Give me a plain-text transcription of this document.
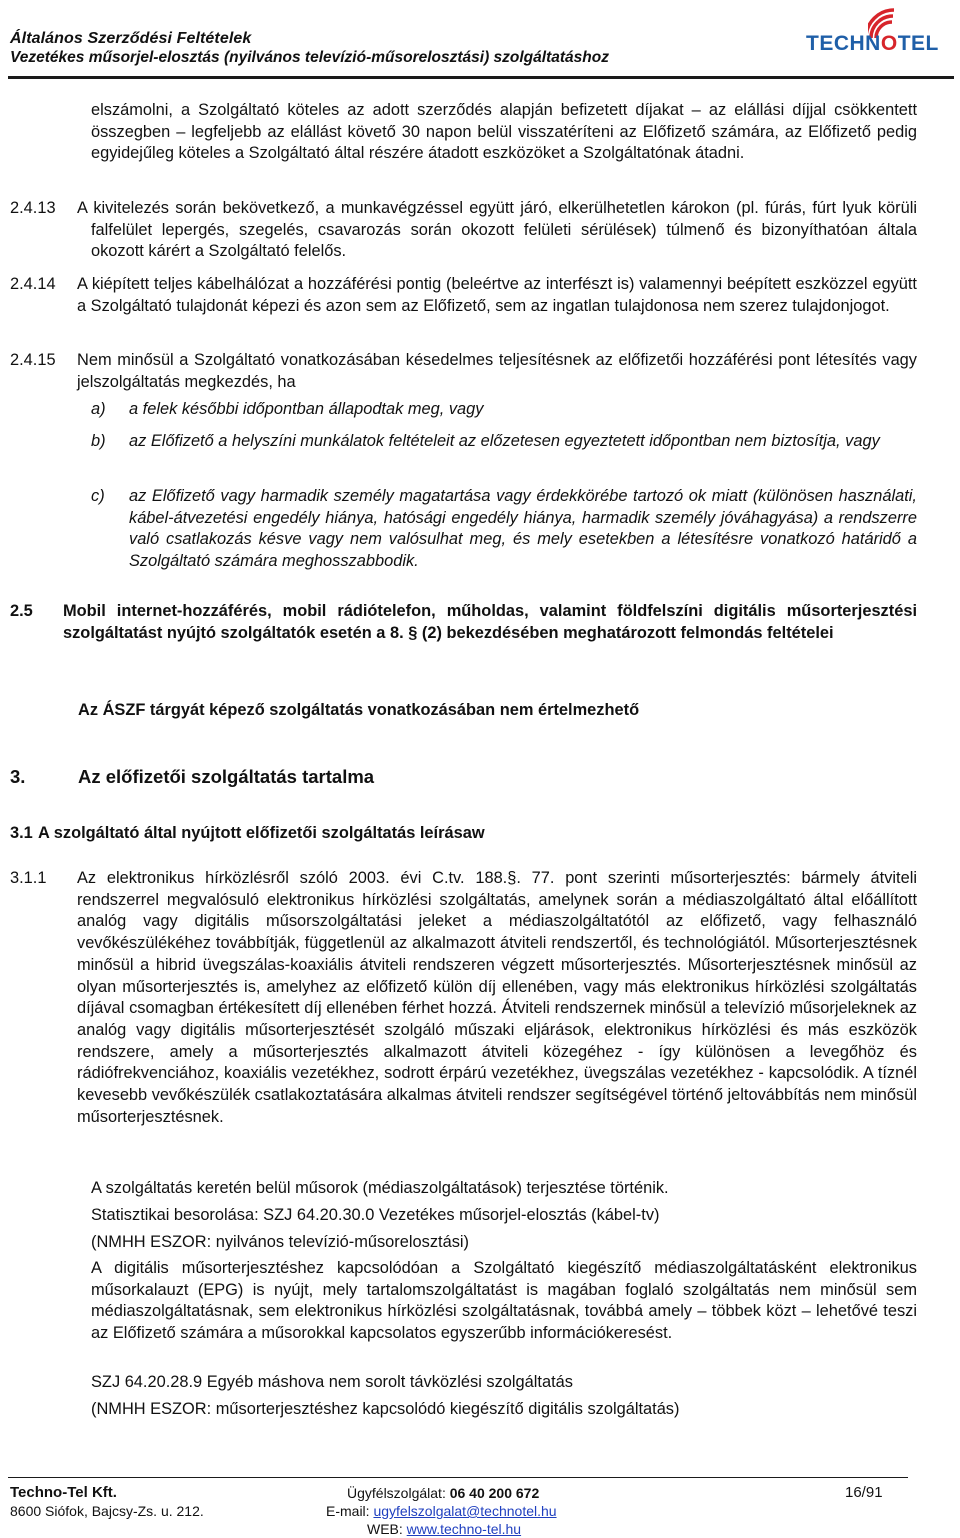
Általános Szerződési Feltételek
Vezetékes műsorjel-elosztás (nyilvános televízió-műsorelosztási) szolgáltatáshoz
TECHNOTEL
elszámolni, a Szolgáltató köteles az adott szerződés alapján befizetett díjakat – az elállási díjjal csökkentett összegben – legfeljebb az elállást követő 30 napon belül visszatéríteni az Előfizető számára, az Előfizető pedig egyidejűleg köteles a Szolgáltató által részére átadott eszközöket a Szolgáltatónak átadni.
2.4.13 A kivitelezés során bekövetkező, a munkavégzéssel együtt járó, elkerülhetetlen károkon (pl. fúrás, fúrt lyuk körüli falfelület lepergés, szegelés, csavarozás során okozott felületi sérülések) túlmenő és bizonyíthatóan általa okozott kárért a Szolgáltató felelős.
2.4.14 A kiépített teljes kábelhálózat a hozzáférési pontig (beleértve az interfészt is) valamennyi beépített eszközzel együtt a Szolgáltató tulajdonát képezi és azon sem az Előfizető, sem az ingatlan tulajdonosa nem szerez tulajdonjogot.
2.4.15 Nem minősül a Szolgáltató vonatkozásában késedelmes teljesítésnek az előfizetői hozzáférési pont létesítés vagy jelszolgáltatás megkezdés, ha
a) a felek későbbi időpontban állapodtak meg, vagy
b) az Előfizető a helyszíni munkálatok feltételeit az előzetesen egyeztetett időpontban nem biztosítja, vagy
c) az Előfizető vagy harmadik személy magatartása vagy érdekkörébe tartozó ok miatt (különösen használati, kábel-átvezetési engedély hiánya, hatósági engedély hiánya, harmadik személy jóváhagyása) a rendszerre való csatlakozás késve vagy nem valósulhat meg, és mely esetekben a létesítésre vonatkozó határidő a Szolgáltató számára meghosszabbodik.
2.5 Mobil internet-hozzáférés, mobil rádiótelefon, műholdas, valamint földfelszíni digitális műsorterjesztési szolgáltatást nyújtó szolgáltatók esetén a 8. § (2) bekezdésében meghatározott felmondás feltételei
Az ÁSZF tárgyát képező szolgáltatás vonatkozásában nem értelmezhető
3.	Az előfizetői szolgáltatás tartalma
3.1 A szolgáltató által nyújtott előfizetői szolgáltatás leírásaw
3.1.1 Az elektronikus hírközlésről szóló 2003. évi C.tv. 188.§. 77. pont szerinti műsorterjesztés: bármely átviteli rendszerrel megvalósuló elektronikus hírközlési szolgáltatás, amelynek során a médiaszolgáltató által előállított analóg vagy digitális műsorszolgáltatási jeleket a médiaszolgáltatótól az előfizető, vagy felhasználó vevőkészülékéhez továbbítják, függetlenül az alkalmazott átviteli rendszertől, és technológiától. Műsorterjesztésnek minősül a hibrid üvegszálas-koaxiális átviteli rendszeren végzett műsorterjesztés. Műsorterjesztésnek minősül az olyan műsorterjesztés is, amelyhez az előfizető külön díj ellenében, vagy más elektronikus hírközlési szolgáltatás díjával csomagban értékesített díj ellenében férhet hozzá. Átviteli rendszernek minősül a televízió műsorjeleknek az analóg vagy digitális műsorterjesztését szolgáló műszaki eljárások, elektronikus hírközlési és más eszközök rendszere, amely a műsorterjesztés alkalmazott átviteli közegéhez - így különösen a levegőhöz és rádiófrekvenciához, koaxiális vezetékhez, sodrott érpárú vezetékhez, üvegszálas vezetékhez - kapcsolódik. A tíznél kevesebb vevőkészülék csatlakoztatására alkalmas átviteli rendszer segítségével történő jeltovábbítás nem minősül műsorterjesztésnek.
A szolgáltatás keretén belül műsorok (médiaszolgáltatások) terjesztése történik.
Statisztikai besorolása: SZJ 64.20.30.0 Vezetékes műsorjel-elosztás (kábel-tv)
(NMHH ESZOR: nyilvános televízió-műsorelosztási)
A digitális műsorterjesztéshez kapcsolódóan a Szolgáltató kiegészítő médiaszolgáltatásként elektronikus műsorkalauzt (EPG) is nyújt, mely tartalomszolgáltatást is magában foglaló szolgáltatás nem minősül sem médiaszolgáltatásnak, sem elektronikus hírközlési szolgáltatásnak, továbbá amely – többek közt – lehetővé teszi az Előfizető számára a műsorokkal kapcsolatos egyszerűbb információkeresést.
SZJ 64.20.28.9 Egyéb máshova nem sorolt távközlési szolgáltatás
(NMHH ESZOR: műsorterjesztéshez kapcsolódó kiegészítő digitális szolgáltatás)
Techno-Tel Kft.
8600 Siófok, Bajcsy-Zs. u. 212.
Ügyfélszolgálat: 06 40 200 672
E-mail: ugyfelszolgalat@technotel.hu
WEB: www.techno-tel.hu
16/91
